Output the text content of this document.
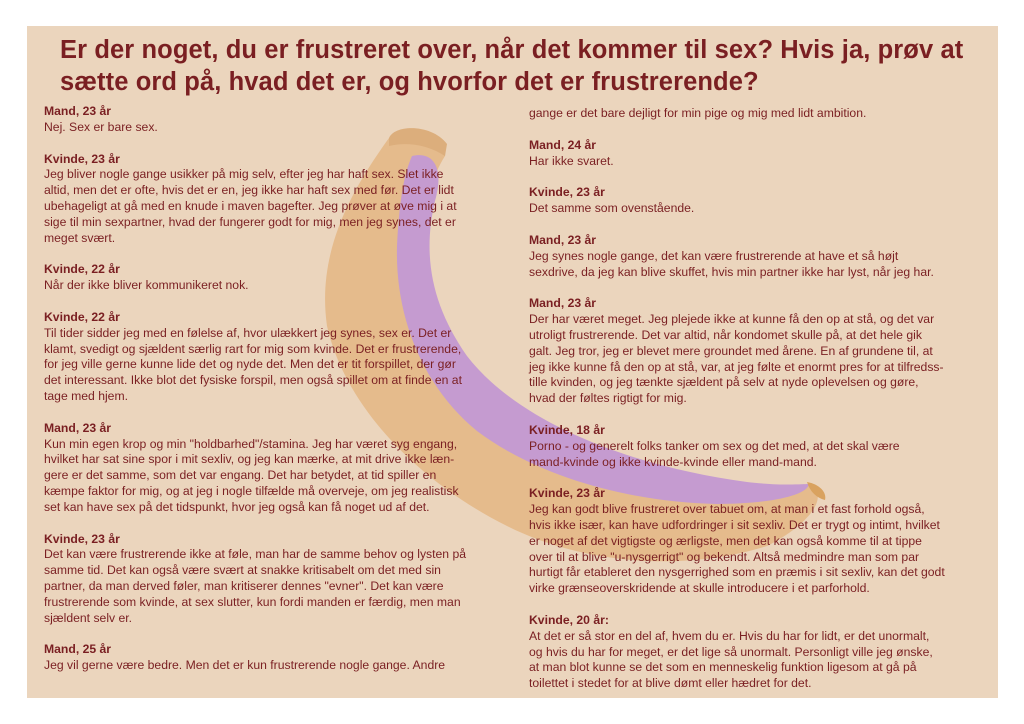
Er der noget, du er frustreret over, når det kommer til sex? Hvis ja, prøv at sætte ord på, hvad det er, og hvorfor det er frustrerende?

Mand, 23 år

Nej. Sex er bare sex.

Kvinde, 23 år

Jeg bliver nogle gange usikker på mig selv, efter jeg har haft sex. Slet ikke
altid, men det er ofte, hvis det er en, jeg ikke har haft sex med før. Det er lidt
ubehageligt at gå med en knude i maven bagefter. Jeg prøver at øve mig i at
sige til min sexpartner, hvad der fungerer godt for mig, men jeg synes, det er
meget svært.

Kvinde, 22 år

Når der ikke bliver kommunikeret nok.

Kvinde, 22 år

Til tider sidder jeg med en følelse af, hvor ulækkert jeg synes, sex er. Det er
klamt, svedigt og sjældent særlig rart for mig som kvinde. Det er frustrerende,
for jeg ville gerne kunne lide det og nyde det. Men det er tit forspillet, der gør
det interessant. Ikke blot det fysiske forspil, men også spillet om at finde en at
tage med hjem.

Mand, 23 år

Kun min egen krop og min "holdbarhed"/stamina. Jeg har været syg engang,
hvilket har sat sine spor i mit sexliv, og jeg kan mærke, at mit drive ikke læn-
gere er det samme, som det var engang. Det har betydet, at tid spiller en
kæmpe faktor for mig, og at jeg i nogle tilfælde må overveje, om jeg realistisk
set kan have sex på det tidspunkt, hvor jeg også kan få noget ud af det.

Kvinde, 23 år

Det kan være frustrerende ikke at føle, man har de samme behov og lysten på
samme tid. Det kan også være svært at snakke kritisabelt om det med sin
partner, da man derved føler, man kritiserer dennes "evner". Det kan være
frustrerende som kvinde, at sex slutter, kun fordi manden er færdig, men man
sjældent selv er.

Mand, 25 år

Jeg vil gerne være bedre. Men det er kun frustrerende nogle gange. Andre

gange er det bare dejligt for min pige og mig med lidt ambition.

Mand, 24 år

Har ikke svaret.

Kvinde, 23 år

Det samme som ovenstående.

Mand, 23 år

Jeg synes nogle gange, det kan være frustrerende at have et så højt
sexdrive, da jeg kan blive skuffet, hvis min partner ikke har lyst, når jeg har.

Mand, 23 år

Der har været meget. Jeg plejede ikke at kunne få den op at stå, og det var
utroligt frustrerende. Det var altid, når kondomet skulle på, at det hele gik
galt. Jeg tror, jeg er blevet mere groundet med årene. En af grundene til, at
jeg ikke kunne få den op at stå, var, at jeg følte et enormt pres for at tilfredss-
tille kvinden, og jeg tænkte sjældent på selv at nyde oplevelsen og gøre,
hvad der føltes rigtigt for mig.

Kvinde, 18 år

Porno - og generelt folks tanker om sex og det med, at det skal være
mand-kvinde og ikke kvinde-kvinde eller mand-mand.

Kvinde, 23 år

Jeg kan godt blive frustreret over tabuet om, at man i et fast forhold også,
hvis ikke især, kan have udfordringer i sit sexliv. Det er trygt og intimt, hvilket
er noget af det vigtigste og ærligste, men det kan også komme til at tippe
over til at blive "u-nysgerrigt" og bekendt. Altså medmindre man som par
hurtigt får etableret den nysgerrighed som en præmis i sit sexliv, kan det godt
virke grænseoverskridende at skulle introducere i et parforhold.

Kvinde, 20 år:

At det er så stor en del af, hvem du er. Hvis du har for lidt, er det unormalt,
og hvis du har for meget, er det lige så unormalt. Personligt ville jeg ønske,
at man blot kunne se det som en menneskelig funktion ligesom at gå på
toilettet i stedet for at blive dømt eller hædret for det.
